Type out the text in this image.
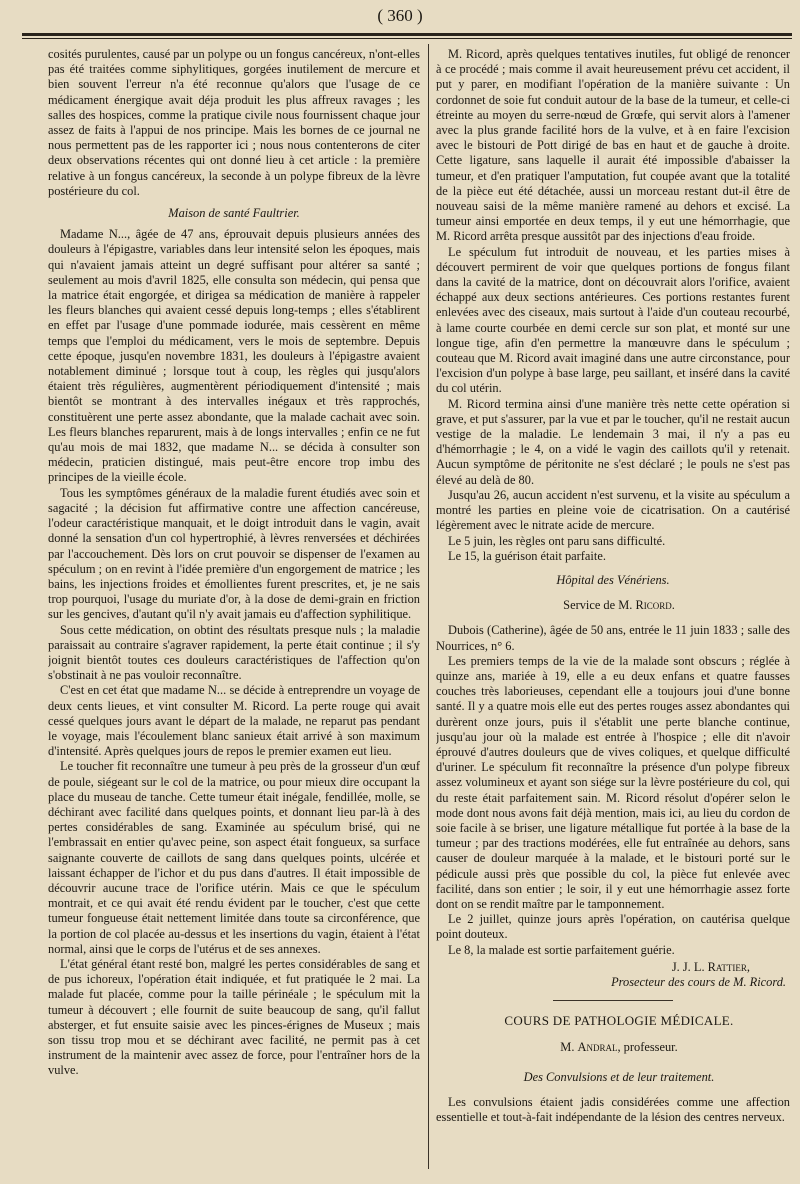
( 360 )

cosités purulentes, causé par un polype ou un fongus cancéreux, n'ont-elles pas été traitées comme siphylitiques, gorgées inutilement de mercure et bien souvent l'erreur n'a été reconnue qu'alors que l'usage de ce médicament énergique avait déja produit les plus affreux ravages ; les salles des hospices, comme la pratique civile nous fournissent chaque jour assez de faits à l'appui de nos principe. Mais les bornes de ce journal ne nous permettent pas de les rapporter ici ; nous nous contenterons de citer deux observations récentes qui ont donné lieu à cet article : la première relative à un fongus cancéreux, la seconde à un polype fibreux de la lèvre postérieure du col.

Maison de santé Faultrier.

Madame N..., âgée de 47 ans, éprouvait depuis plusieurs années des douleurs à l'épigastre, variables dans leur intensité selon les époques, mais qui n'avaient jamais atteint un degré suffisant pour altérer sa santé ; seulement au mois d'avril 1825, elle consulta son médecin, qui pensa que la matrice était engorgée, et dirigea sa médication de manière à rappeler les fleurs blanches qui avaient cessé depuis long-temps ; elles s'établirent en effet par l'usage d'une pommade iodurée, mais cessèrent en même temps que l'emploi du médicament, vers le mois de septembre. Depuis cette époque, jusqu'en novembre 1831, les douleurs à l'épigastre avaient notablement diminué ; lorsque tout à coup, les règles qui jusqu'alors étaient très régulières, augmentèrent périodiquement d'intensité ; mais bientôt se montrant à des intervalles inégaux et très rapprochés, constituèrent une perte assez abondante, que la malade cachait avec soin. Les fleurs blanches reparurent, mais à de longs intervalles ; enfin ce ne fut qu'au mois de mai 1832, que madame N... se décida à consulter son médecin, praticien distingué, mais peut-être encore trop imbu des principes de la vieille école.

Tous les symptômes généraux de la maladie furent étudiés avec soin et sagacité ; la décision fut affirmative contre une affection cancéreuse, l'odeur caractéristique manquait, et le doigt introduit dans le vagin, avait donné la sensation d'un col hypertrophié, à lèvres renversées et déchirées par l'accouchement. Dès lors on crut pouvoir se dispenser de l'examen au spéculum ; on en revint à l'idée première d'un engorgement de matrice ; les bains, les injections froides et émollientes furent prescrites, et, je ne sais trop pourquoi, l'usage du muriate d'or, à la dose de demi-grain en friction sur les gencives, d'autant qu'il n'y avait jamais eu d'affection syphilitique.

Sous cette médication, on obtint des résultats presque nuls ; la maladie paraissait au contraire s'agraver rapidement, la perte était continue ; il s'y joignit bientôt toutes ces douleurs caractéristiques de l'affection qu'on s'obstinait à ne pas vouloir reconnaître.

C'est en cet état que madame N... se décide à entreprendre un voyage de deux cents lieues, et vint consulter M. Ricord. La perte rouge qui avait cessé quelques jours avant le départ de la malade, ne reparut pas pendant le voyage, mais l'écoulement blanc sanieux était arrivé à son maximum d'intensité. Après quelques jours de repos le premier examen eut lieu.

Le toucher fit reconnaître une tumeur à peu près de la grosseur d'un œuf de poule, siégeant sur le col de la matrice, ou pour mieux dire occupant la place du museau de tanche. Cette tumeur était inégale, fendillée, molle, se déchirant avec facilité dans quelques points, et donnant lieu par-là à des pertes considérables de sang. Examinée au spéculum brisé, qui ne l'embrassait en entier qu'avec peine, son aspect était fongueux, sa surface saignante couverte de caillots de sang dans quelques points, ulcérée et laissant échapper de l'ichor et du pus dans d'autres. Il était impossible de découvrir aucune trace de l'orifice utérin. Mais ce que le spéculum montrait, et ce qui avait été rendu évident par le toucher, c'est que cette tumeur fongueuse était nettement limitée dans toute sa circonférence, que la portion de col placée au-dessus et les insertions du vagin, étaient à l'état normal, ainsi que le corps de l'utérus et de ses annexes.

L'état général étant resté bon, malgré les pertes considérables de sang et de pus ichoreux, l'opération était indiquée, et fut pratiquée le 2 mai. La malade fut placée, comme pour la taille périnéale ; le spéculum mit la tumeur à découvert ; elle fournit de suite beaucoup de sang, qu'il fallut absterger, et fut ensuite saisie avec les pinces-érignes de Museux ; mais son tissu trop mou et se déchirant avec facilité, ne permit pas à cet instrument de la maintenir avec assez de force, pour l'entraîner hors de la vulve.

M. Ricord, après quelques tentatives inutiles, fut obligé de renoncer à ce procédé ; mais comme il avait heureusement prévu cet accident, il put y parer, en modifiant l'opération de la manière suivante : Un cordonnet de soie fut conduit autour de la base de la tumeur, et celle-ci étreinte au moyen du serre-nœud de Grœfe, qui servit alors à l'amener avec la plus grande facilité hors de la vulve, et à en faire l'excision avec le bistouri de Pott dirigé de bas en haut et de gauche à droite. Cette ligature, sans laquelle il aurait été impossible d'abaisser la tumeur, et d'en pratiquer l'amputation, fut coupée avant que la totalité de la pièce eut été détachée, aussi un morceau restant dut-il être de nouveau saisi de la même manière ramené au dehors et excisé. La tumeur ainsi emportée en deux temps, il y eut une hémorrhagie, que M. Ricord arrêta presque aussitôt par des injections d'eau froide.

Le spéculum fut introduit de nouveau, et les parties mises à découvert permirent de voir que quelques portions de fongus filant dans la cavité de la matrice, dont on découvrait alors l'orifice, avaient échappé aux deux sections antérieures. Ces portions restantes furent enlevées avec des ciseaux, mais surtout à l'aide d'un couteau recourbé, à lame courte courbée en demi cercle sur son plat, et monté sur une longue tige, afin d'en permettre la manœuvre dans le spéculum ; couteau que M. Ricord avait imaginé dans une autre circonstance, pour l'excision d'un polype à base large, peu saillant, et inséré dans la cavité du col utérin.

M. Ricord termina ainsi d'une manière très nette cette opération si grave, et put s'assurer, par la vue et par le toucher, qu'il ne restait aucun vestige de la maladie. Le lendemain 3 mai, il n'y a pas eu d'hémorrhagie ; le 4, on a vidé le vagin des caillots qu'il y retenait. Aucun symptôme de péritonite ne s'est déclaré ; le pouls ne s'est pas élevé au delà de 80.

Jusqu'au 26, aucun accident n'est survenu, et la visite au spéculum a montré les parties en pleine voie de cicatrisation. On a cautérisé légèrement avec le nitrate acide de mercure.

Le 5 juin, les règles ont paru sans difficulté.

Le 15, la guérison était parfaite.

Hôpital des Vénériens.

Service de M. Ricord.

Dubois (Catherine), âgée de 50 ans, entrée le 11 juin 1833 ; salle des Nourrices, n° 6.

Les premiers temps de la vie de la malade sont obscurs ; réglée à quinze ans, mariée à 19, elle a eu deux enfans et quatre fausses couches très laborieuses, cependant elle a toujours joui d'une bonne santé. Il y a quatre mois elle eut des pertes rouges assez abondantes qui durèrent onze jours, puis il s'établit une perte blanche continue, jusqu'au jour où la malade est entrée à l'hospice ; elle dit n'avoir éprouvé d'autres douleurs que de vives coliques, et quelque difficulté d'uriner. Le spéculum fit reconnaître la présence d'un polype fibreux assez volumineux et ayant son siége sur la lèvre postérieure du col, qui du reste était parfaitement sain. M. Ricord résolut d'opérer selon le mode dont nous avons fait déjà mention, mais ici, au lieu du cordon de soie facile à se briser, une ligature métallique fut portée à la base de la tumeur ; par des tractions modérées, elle fut entraînée au dehors, sans causer de douleur marquée à la malade, et le bistouri porté sur le pédicule aussi près que possible du col, la pièce fut enlevée avec facilité, dans son entier ; le soir, il y eut une hémorrhagie assez forte dont on se rendit maître par le tamponnement.

Le 2 juillet, quinze jours après l'opération, on cautérisa quelque point douteux.

Le 8, la malade est sortie parfaitement guérie.

J. J. L. Rattier,

Prosecteur des cours de M. Ricord.

COURS DE PATHOLOGIE MÉDICALE.

M. Andral, professeur.

Des Convulsions et de leur traitement.

Les convulsions étaient jadis considérées comme une affection essentielle et tout-à-fait indépendante de la lésion des centres nerveux.
